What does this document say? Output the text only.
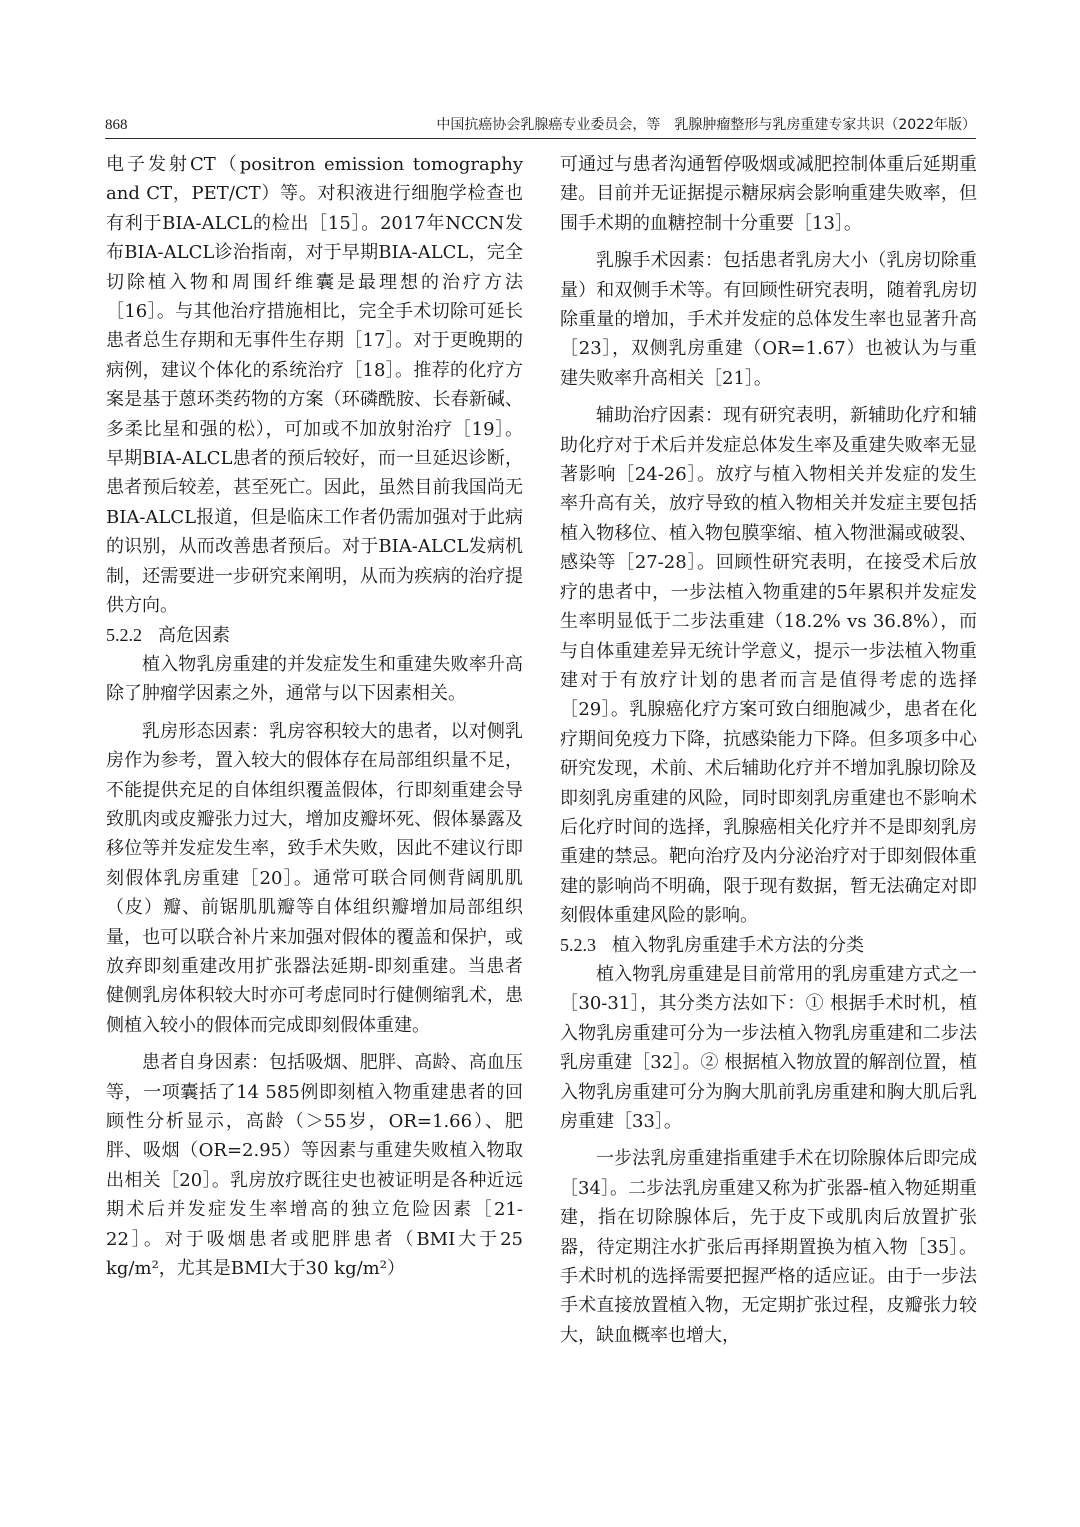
868	中国抗癌协会乳腺癌专业委员会，等　乳腺肿瘤整形与乳房重建专家共识（2022年版）

电子发射CT（positron emission tomography and CT，PET/CT）等。对积液进行细胞学检查也有利于BIA-ALCL的检出［15］。2017年NCCN发布BIA-ALCL诊治指南，对于早期BIA-ALCL，完全切除植入物和周围纤维囊是最理想的治疗方法［16］。与其他治疗措施相比，完全手术切除可延长患者总生存期和无事件生存期［17］。对于更晚期的病例，建议个体化的系统治疗［18］。推荐的化疗方案是基于蒽环类药物的方案（环磷酰胺、长春新碱、多柔比星和强的松），可加或不加放射治疗［19］。早期BIA-ALCL患者的预后较好，而一旦延迟诊断，患者预后较差，甚至死亡。因此，虽然目前我国尚无BIA-ALCL报道，但是临床工作者仍需加强对于此病的识别，从而改善患者预后。对于BIA-ALCL发病机制，还需要进一步研究来阐明，从而为疾病的治疗提供方向。

5.2.2 高危因素

植入物乳房重建的并发症发生和重建失败率升高除了肿瘤学因素之外，通常与以下因素相关。

乳房形态因素：乳房容积较大的患者，以对侧乳房作为参考，置入较大的假体存在局部组织量不足，不能提供充足的自体组织覆盖假体，行即刻重建会导致肌肉或皮瓣张力过大，增加皮瓣坏死、假体暴露及移位等并发症发生率，致手术失败，因此不建议行即刻假体乳房重建［20］。通常可联合同侧背阔肌肌（皮）瓣、前锯肌肌瓣等自体组织瓣增加局部组织量，也可以联合补片来加强对假体的覆盖和保护，或放弃即刻重建改用扩张器法延期-即刻重建。当患者健侧乳房体积较大时亦可考虑同时行健侧缩乳术，患侧植入较小的假体而完成即刻假体重建。

患者自身因素：包括吸烟、肥胖、高龄、高血压等，一项囊括了14 585例即刻植入物重建患者的回顾性分析显示，高龄（＞55岁，OR=1.66）、肥胖、吸烟（OR=2.95）等因素与重建失败植入物取出相关［20］。乳房放疗既往史也被证明是各种近远期术后并发症发生率增高的独立危险因素［21-22］。对于吸烟患者或肥胖患者（BMI大于25 kg/m²，尤其是BMI大于30 kg/m²）

可通过与患者沟通暂停吸烟或减肥控制体重后延期重建。目前并无证据提示糖尿病会影响重建失败率，但围手术期的血糖控制十分重要［13］。

乳腺手术因素：包括患者乳房大小（乳房切除重量）和双侧手术等。有回顾性研究表明，随着乳房切除重量的增加，手术并发症的总体发生率也显著升高［23］，双侧乳房重建（OR=1.67）也被认为与重建失败率升高相关［21］。

辅助治疗因素：现有研究表明，新辅助化疗和辅助化疗对于术后并发症总体发生率及重建失败率无显著影响［24-26］。放疗与植入物相关并发症的发生率升高有关，放疗导致的植入物相关并发症主要包括植入物移位、植入物包膜挛缩、植入物泄漏或破裂、感染等［27-28］。回顾性研究表明，在接受术后放疗的患者中，一步法植入物重建的5年累积并发症发生率明显低于二步法重建（18.2% vs 36.8%），而与自体重建差异无统计学意义，提示一步法植入物重建对于有放疗计划的患者而言是值得考虑的选择［29］。乳腺癌化疗方案可致白细胞减少，患者在化疗期间免疫力下降，抗感染能力下降。但多项多中心研究发现，术前、术后辅助化疗并不增加乳腺切除及即刻乳房重建的风险，同时即刻乳房重建也不影响术后化疗时间的选择，乳腺癌相关化疗并不是即刻乳房重建的禁忌。靶向治疗及内分泌治疗对于即刻假体重建的影响尚不明确，限于现有数据，暂无法确定对即刻假体重建风险的影响。

5.2.3 植入物乳房重建手术方法的分类

植入物乳房重建是目前常用的乳房重建方式之一［30-31］，其分类方法如下：① 根据手术时机，植入物乳房重建可分为一步法植入物乳房重建和二步法乳房重建［32］。② 根据植入物放置的解剖位置，植入物乳房重建可分为胸大肌前乳房重建和胸大肌后乳房重建［33］。

一步法乳房重建指重建手术在切除腺体后即完成［34］。二步法乳房重建又称为扩张器-植入物延期重建，指在切除腺体后，先于皮下或肌肉后放置扩张器，待定期注水扩张后再择期置换为植入物［35］。手术时机的选择需要把握严格的适应证。由于一步法手术直接放置植入物，无定期扩张过程，皮瓣张力较大，缺血概率也增大，
